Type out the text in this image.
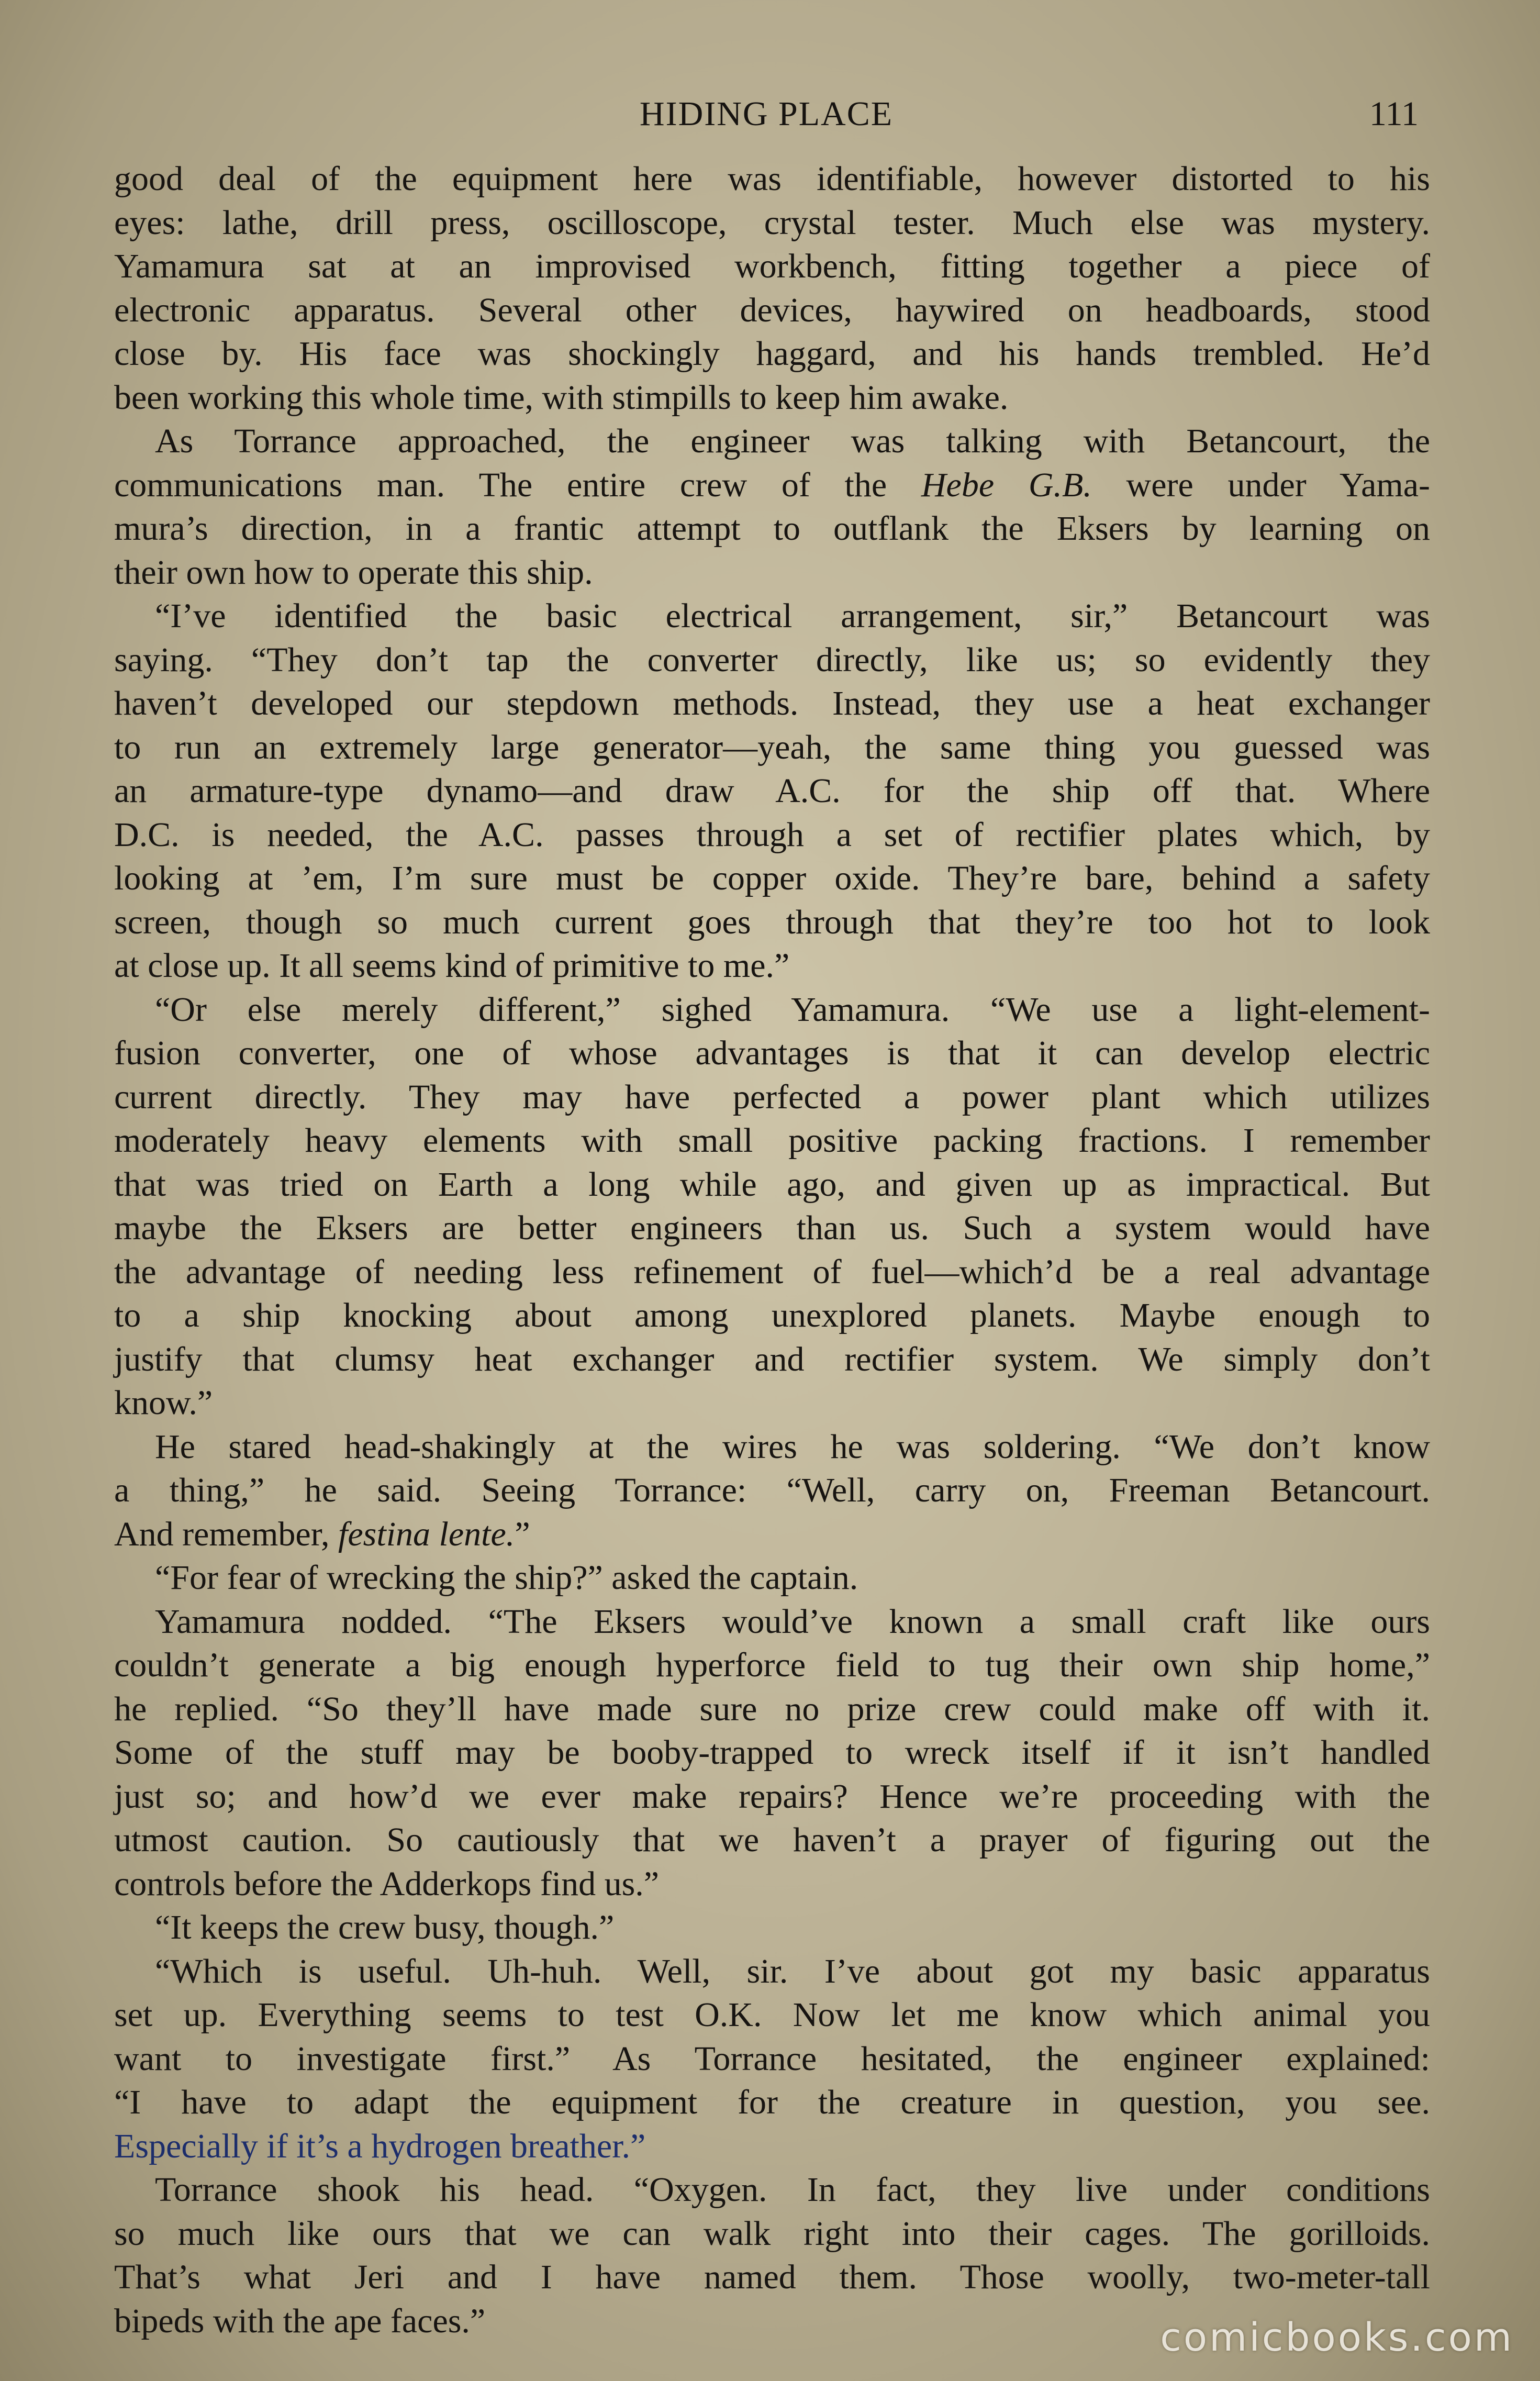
HIDING PLACE	111
good deal of the equipment here was identifiable, however distorted to his
eyes: lathe, drill press, oscilloscope, crystal tester. Much else was mystery.
Yamamura sat at an improvised workbench, fitting together a piece of
electronic apparatus. Several other devices, haywired on headboards, stood
close by. His face was shockingly haggard, and his hands trembled. He’d
been working this whole time, with stimpills to keep him awake.
As Torrance approached, the engineer was talking with Betancourt, the
communications man. The entire crew of the Hebe G.B. were under Yama-
mura’s direction, in a frantic attempt to outflank the Eksers by learning on
their own how to operate this ship.
“I’ve identified the basic electrical arrangement, sir,” Betancourt was
saying. “They don’t tap the converter directly, like us; so evidently they
haven’t developed our stepdown methods. Instead, they use a heat exchanger
to run an extremely large generator—yeah, the same thing you guessed was
an armature-type dynamo—and draw A.C. for the ship off that. Where
D.C. is needed, the A.C. passes through a set of rectifier plates which, by
looking at ’em, I’m sure must be copper oxide. They’re bare, behind a safety
screen, though so much current goes through that they’re too hot to look
at close up. It all seems kind of primitive to me.”
“Or else merely different,” sighed Yamamura. “We use a light-element-
fusion converter, one of whose advantages is that it can develop electric
current directly. They may have perfected a power plant which utilizes
moderately heavy elements with small positive packing fractions. I remember
that was tried on Earth a long while ago, and given up as impractical. But
maybe the Eksers are better engineers than us. Such a system would have
the advantage of needing less refinement of fuel—which’d be a real advantage
to a ship knocking about among unexplored planets. Maybe enough to
justify that clumsy heat exchanger and rectifier system. We simply don’t
know.”
He stared head-shakingly at the wires he was soldering. “We don’t know
a thing,” he said. Seeing Torrance: “Well, carry on, Freeman Betancourt.
And remember, festina lente.”
“For fear of wrecking the ship?” asked the captain.
Yamamura nodded. “The Eksers would’ve known a small craft like ours
couldn’t generate a big enough hyperforce field to tug their own ship home,”
he replied. “So they’ll have made sure no prize crew could make off with it.
Some of the stuff may be booby-trapped to wreck itself if it isn’t handled
just so; and how’d we ever make repairs? Hence we’re proceeding with the
utmost caution. So cautiously that we haven’t a prayer of figuring out the
controls before the Adderkops find us.”
“It keeps the crew busy, though.”
“Which is useful. Uh-huh. Well, sir. I’ve about got my basic apparatus
set up. Everything seems to test O.K. Now let me know which animal you
want to investigate first.” As Torrance hesitated, the engineer explained:
“I have to adapt the equipment for the creature in question, you see.
Especially if it’s a hydrogen breather.”
Torrance shook his head. “Oxygen. In fact, they live under conditions
so much like ours that we can walk right into their cages. The gorilloids.
That’s what Jeri and I have named them. Those woolly, two-meter-tall
bipeds with the ape faces.”	comicbooks.com
